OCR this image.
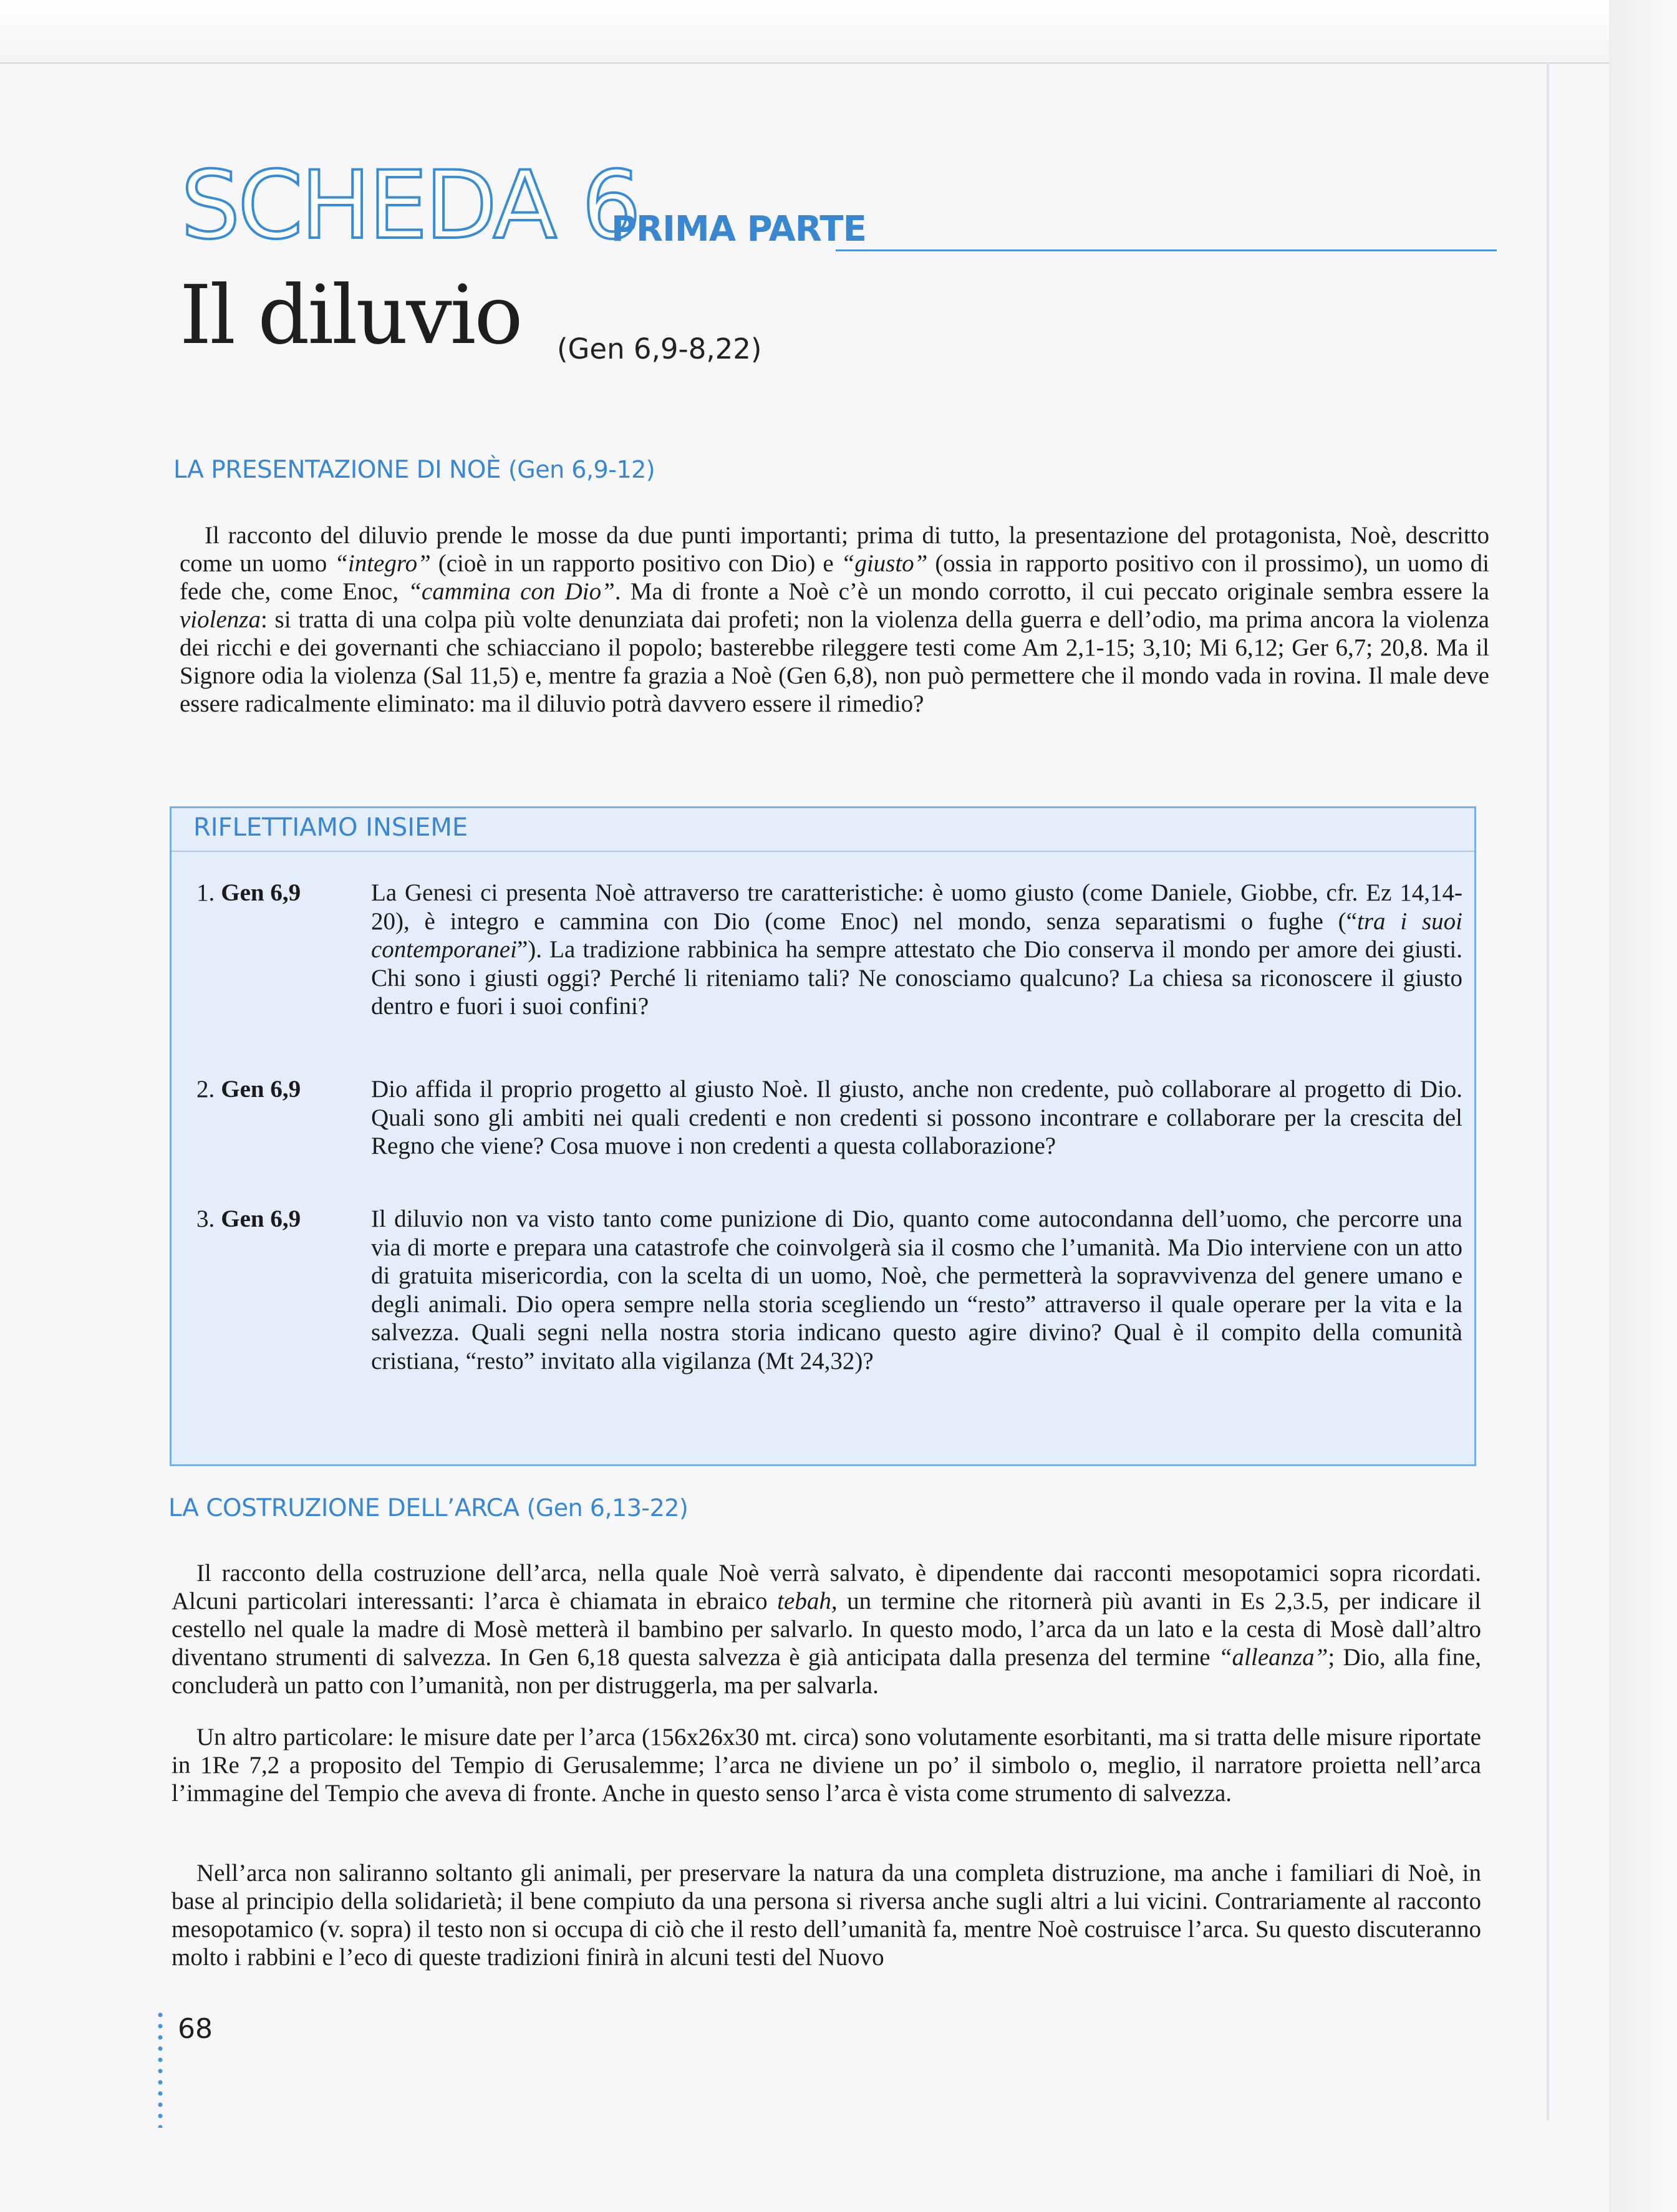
SCHEDA 6
PRIMA PARTE
Il diluvio (Gen 6,9-8,22)
LA PRESENTAZIONE DI NOÈ (Gen 6,9-12)

Il racconto del diluvio prende le mosse da due punti importanti; prima di tutto, la presentazione del protagonista, Noè, descritto come un uomo “integro” (cioè in un rapporto positivo con Dio) e “giusto” (ossia in rapporto positivo con il prossimo), un uomo di fede che, come Enoc, “cammina con Dio”. Ma di fronte a Noè c’è un mondo corrotto, il cui peccato originale sembra essere la violenza: si tratta di una colpa più volte denunziata dai profeti; non la violenza della guerra e dell’odio, ma prima ancora la violenza dei ricchi e dei governanti che schiacciano il popolo; basterebbe rileggere testi come Am 2,1-15; 3,10; Mi 6,12; Ger 6,7; 20,8. Ma il Signore odia la violenza (Sal 11,5) e, mentre fa grazia a Noè (Gen 6,8), non può permettere che il mondo vada in rovina. Il male deve essere radicalmente eliminato: ma il diluvio potrà davvero essere il rimedio?

RIFLETTIAMO INSIEME
1. Gen 6,9	La Genesi ci presenta Noè attraverso tre caratteristiche: è uomo giusto (come Daniele, Giobbe, cfr. Ez 14,14-20), è integro e cammina con Dio (come Enoc) nel mondo, senza separatismi o fughe (“tra i suoi contemporanei”). La tradizione rabbinica ha sempre attestato che Dio conserva il mondo per amore dei giusti. Chi sono i giusti oggi? Perché li riteniamo tali? Ne conosciamo qualcuno? La chiesa sa riconoscere il giusto dentro e fuori i suoi confini?

2. Gen 6,9	Dio affida il proprio progetto al giusto Noè. Il giusto, anche non credente, può collaborare al progetto di Dio. Quali sono gli ambiti nei quali credenti e non credenti si possono incontrare e collaborare per la crescita del Regno che viene? Cosa muove i non credenti a questa collaborazione?

3. Gen 6,9	Il diluvio non va visto tanto come punizione di Dio, quanto come autocondanna dell’uomo, che percorre una via di morte e prepara una catastrofe che coinvolgerà sia il cosmo che l’umanità. Ma Dio interviene con un atto di gratuita misericordia, con la scelta di un uomo, Noè, che permetterà la sopravvivenza del genere umano e degli animali. Dio opera sempre nella storia scegliendo un “resto” attraverso il quale operare per la vita e la salvezza. Quali segni nella nostra storia indicano questo agire divino? Qual è il compito della comunità cristiana, “resto” invitato alla vigilanza (Mt 24,32)?

LA COSTRUZIONE DELL’ARCA (Gen 6,13-22)

Il racconto della costruzione dell’arca, nella quale Noè verrà salvato, è dipendente dai racconti mesopotamici sopra ricordati. Alcuni particolari interessanti: l’arca è chiamata in ebraico tebah, un termine che ritornerà più avanti in Es 2,3.5, per indicare il cestello nel quale la madre di Mosè metterà il bambino per salvarlo. In questo modo, l’arca da un lato e la cesta di Mosè dall’altro diventano strumenti di salvezza. In Gen 6,18 questa salvezza è già anticipata dalla presenza del termine “alleanza”; Dio, alla fine, concluderà un patto con l’umanità, non per distruggerla, ma per salvarla.

Un altro particolare: le misure date per l’arca (156x26x30 mt. circa) sono volutamente esorbitanti, ma si tratta delle misure riportate in 1Re 7,2 a proposito del Tempio di Gerusalemme; l’arca ne diviene un po’ il simbolo o, meglio, il narratore proietta nell’arca l’immagine del Tempio che aveva di fronte. Anche in questo senso l’arca è vista come strumento di salvezza.

Nell’arca non saliranno soltanto gli animali, per preservare la natura da una completa distruzione, ma anche i familiari di Noè, in base al principio della solidarietà; il bene compiuto da una persona si riversa anche sugli altri a lui vicini. Contrariamente al racconto mesopotamico (v. sopra) il testo non si occupa di ciò che il resto dell’umanità fa, mentre Noè costruisce l’arca. Su questo discuteranno molto i rabbini e l’eco di queste tradizioni finirà in alcuni testi del Nuovo

68
